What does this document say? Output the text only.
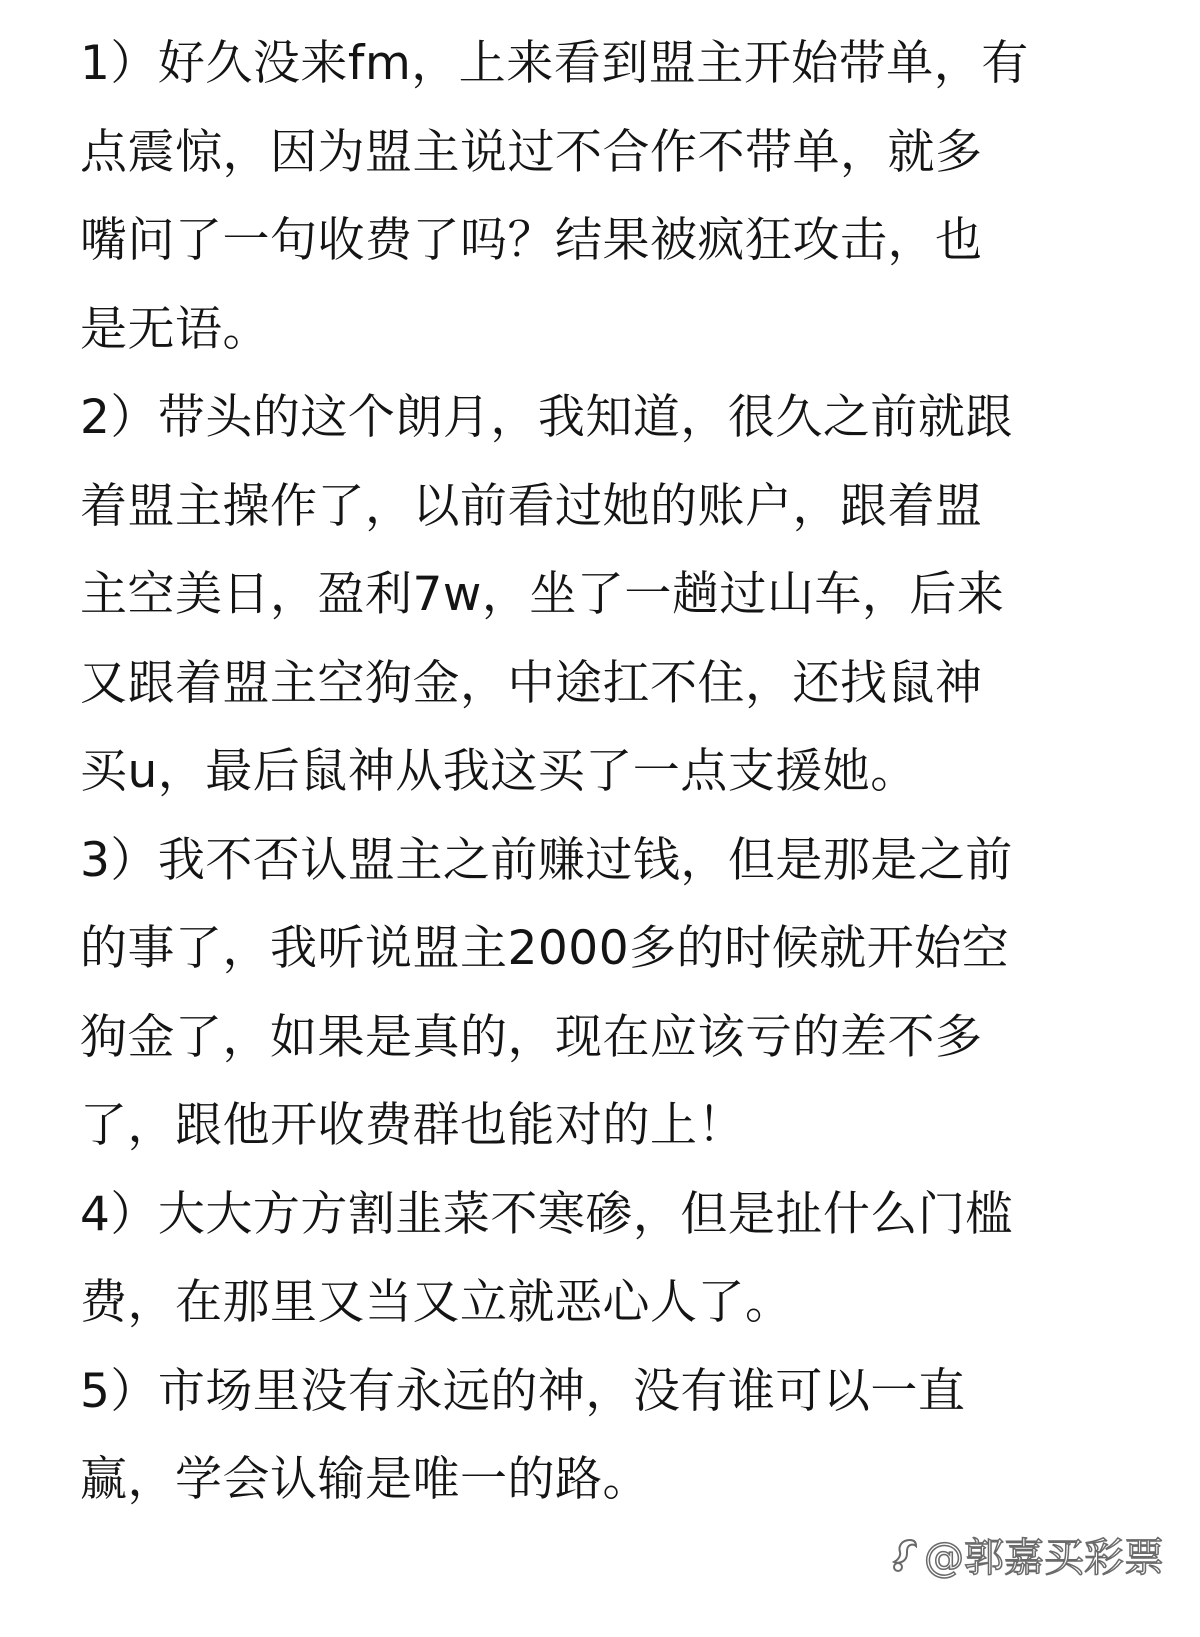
1）好久没来fm，上来看到盟主开始带单，有
点震惊，因为盟主说过不合作不带单，就多
嘴问了一句收费了吗？结果被疯狂攻击，也
是无语。
2）带头的这个朗月，我知道，很久之前就跟
着盟主操作了，以前看过她的账户，跟着盟
主空美日，盈利7w，坐了一趟过山车，后来
又跟着盟主空狗金，中途扛不住，还找鼠神
买u，最后鼠神从我这买了一点支援她。
3）我不否认盟主之前赚过钱，但是那是之前
的事了，我听说盟主2000多的时候就开始空
狗金了，如果是真的，现在应该亏的差不多
了，跟他开收费群也能对的上！
4）大大方方割韭菜不寒碜，但是扯什么门槛
费，在那里又当又立就恶心人了。
5）市场里没有永远的神，没有谁可以一直
赢，学会认输是唯一的路。
@郭嘉买彩票
